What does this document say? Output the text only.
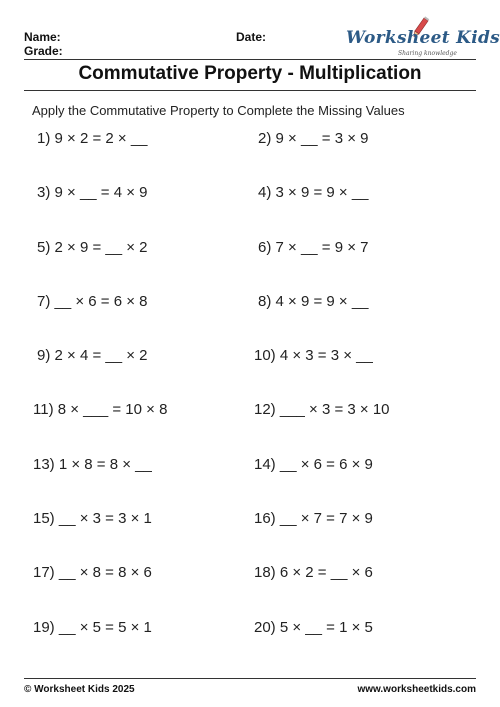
Name:
Grade:
Date:	Worksheet Kids
Sharing knowledge
Commutative Property - Multiplication
Apply the Commutative Property to Complete the Missing Values
1) 9 × 2 = 2 × __	2) 9 × __ = 3 × 9
3) 9 × __ = 4 × 9	4) 3 × 9 = 9 × __
5) 2 × 9 = __ × 2	6) 7 × __ = 9 × 7
7) __ × 6 = 6 × 8	8) 4 × 9 = 9 × __
9) 2 × 4 = __ × 2	10) 4 × 3 = 3 × __
11) 8 × ___ = 10 × 8	12) ___ × 3 = 3 × 10
13) 1 × 8 = 8 × __	14) __ × 6 = 6 × 9
15) __ × 3 = 3 × 1	16) __ × 7 = 7 × 9
17) __ × 8 = 8 × 6	18) 6 × 2 = __ × 6
19) __ × 5 = 5 × 1	20) 5 × __ = 1 × 5
© Worksheet Kids 2025	www.worksheetkids.com
